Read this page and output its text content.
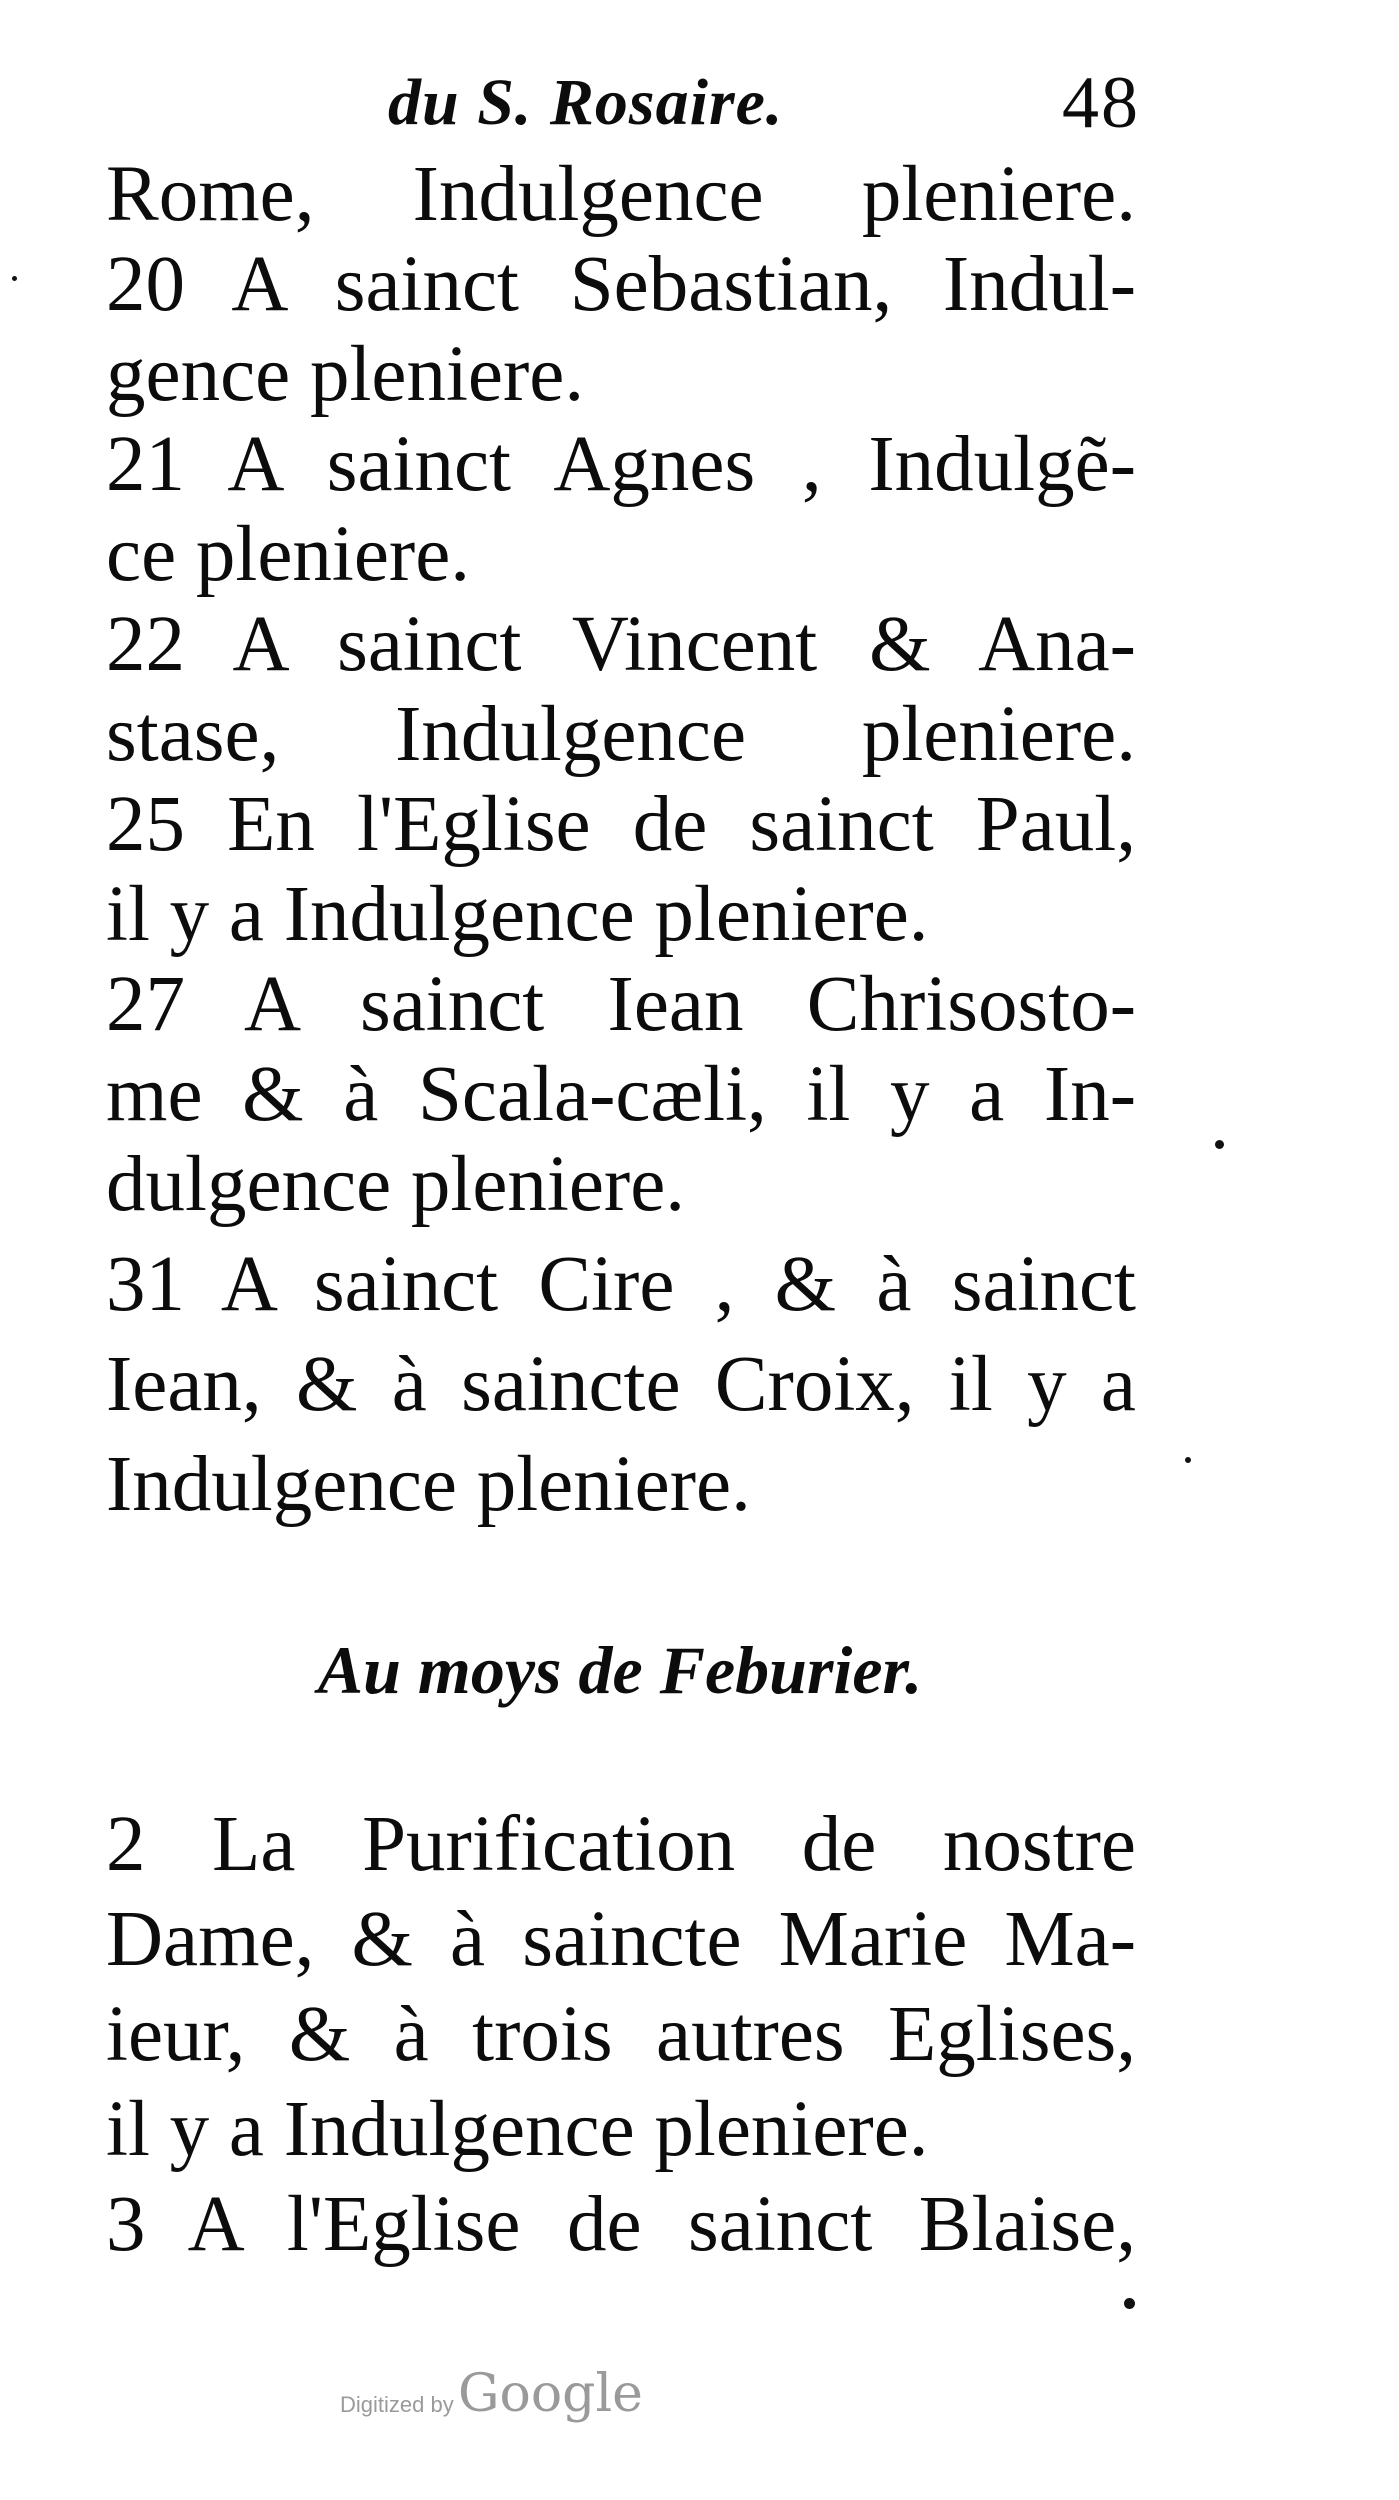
du S. Rosaire.	48
Rome, Indulgence pleniere.
20 A sainct Sebastian, Indul-
gence pleniere.
21 A sainct Agnes , Indulgẽ-
ce pleniere.
22 A sainct Vincent & Ana-
stase, Indulgence pleniere.
25 En l'Eglise de sainct Paul,
il y a Indulgence pleniere.
27 A sainct Iean Chrisosto-
me & à Scala-cæli, il y a In-
dulgence pleniere.
31 A sainct Cire , & à sainct
Iean, & à saincte Croix, il y a
Indulgence pleniere.
Au moys de Feburier.
2 La Purification de nostre
Dame, & à saincte Marie Ma-
ieur, & à trois autres Eglises,
il y a Indulgence pleniere.
3 A l'Eglise de sainct Blaise,
Digitized by Google
